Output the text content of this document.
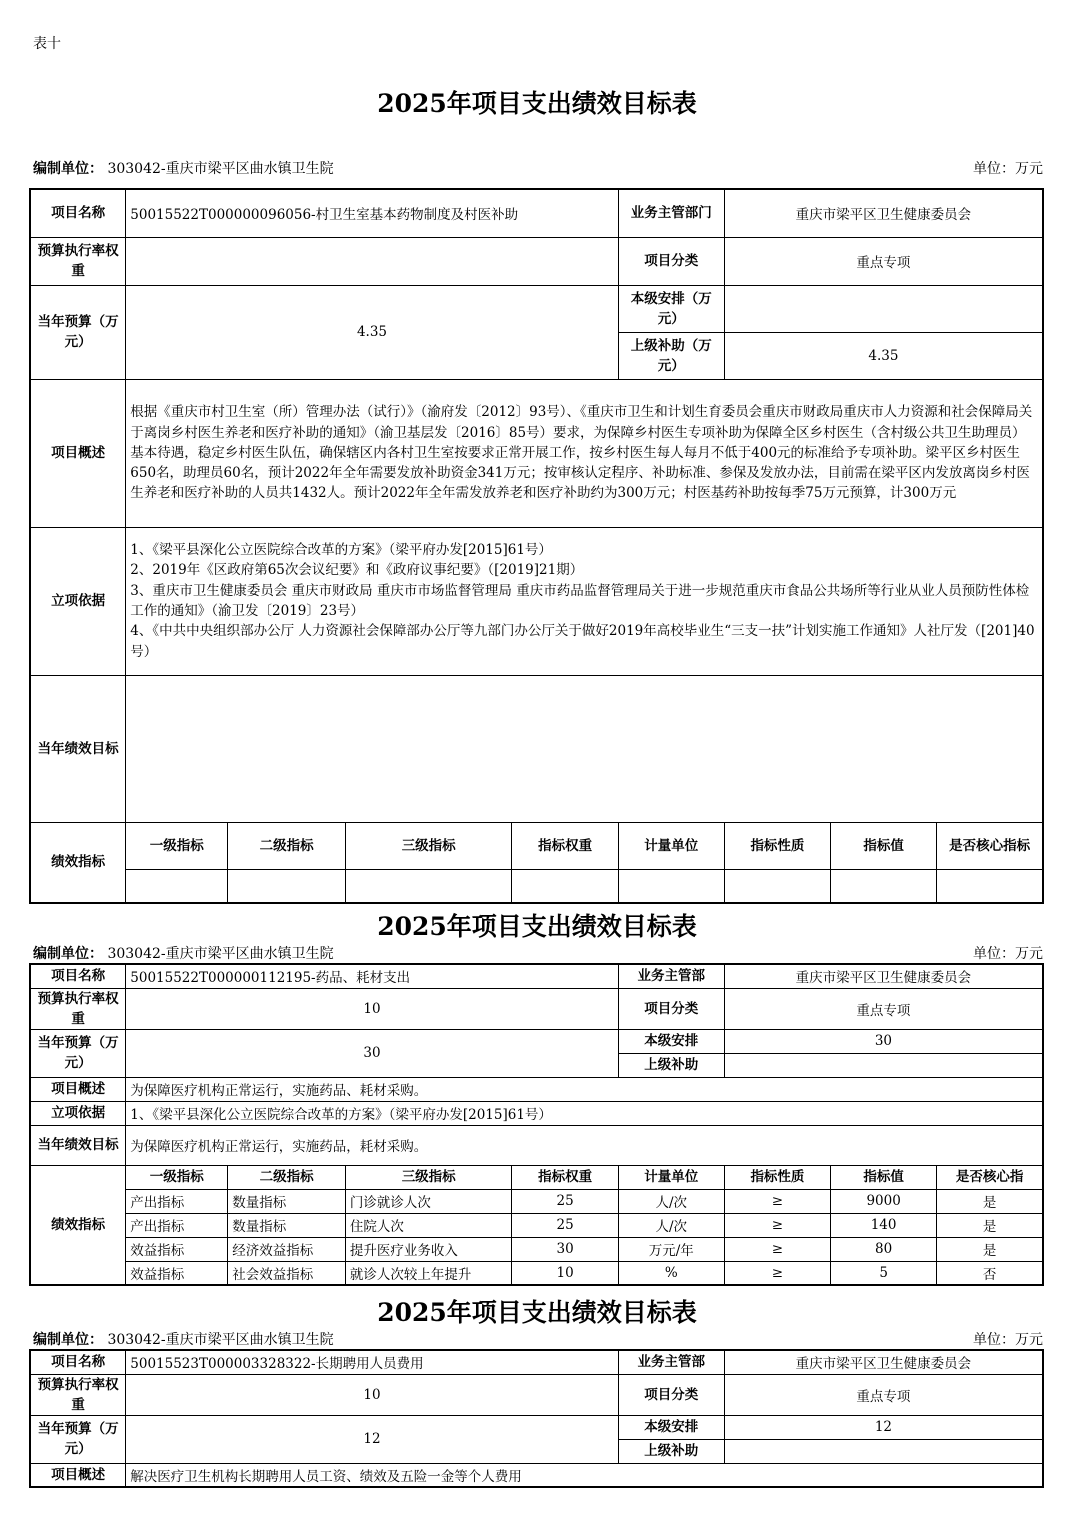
表十
2025年项目支出绩效目标表
编制单位： 303042-重庆市梁平区曲水镇卫生院	单位：万元
项目名称	50015522T000000096056-村卫生室基本药物制度及村医补助				业务主管部门	重庆市梁平区卫生健康委员会		
预算执行率权重					项目分类	重点专项		
当年预算（万元）	4.35				本级安排（万元）			
					上级补助（万元）	4.35		
项目概述	根据《重庆市村卫生室（所）管理办法（试行）》（渝府发〔2012〕93号）、《重庆市卫生和计划生育委员会重庆市财政局重庆市人力资源和社会保障局关于离岗乡村医生养老和医疗补助的通知》（渝卫基层发〔2016〕85号）要求，为保障乡村医生专项补助为保障全区乡村医生（含村级公共卫生助理员）基本待遇，稳定乡村医生队伍，确保辖区内各村卫生室按要求正常开展工作，按乡村医生每人每月不低于400元的标准给予专项补助。梁平区乡村医生650名，助理员60名，预计2022年全年需要发放补助资金341万元；按审核认定程序、补助标准、参保及发放办法，目前需在梁平区内发放离岗乡村医生养老和医疗补助的人员共1432人。预计2022年全年需发放养老和医疗补助约为300万元；村医基药补助按每季75万元预算，计300万元							
立项依据	1、《梁平县深化公立医院综合改革的方案》（梁平府办发[2015]61号）
2、2019年《区政府第65次会议纪要》和《政府议事纪要》（[2019]21期）
3、重庆市卫生健康委员会 重庆市财政局 重庆市市场监督管理局 重庆市药品监督管理局关于进一步规范重庆市食品公共场所等行业从业人员预防性体检工作的通知》（渝卫发〔2019〕23号）
4、《中共中央组织部办公厅 人力资源社会保障部办公厅等九部门办公厅关于做好2019年高校毕业生“三支一扶”计划实施工作通知》人社厅发（[201]40号）							

当年绩效目标								
绩效指标	一级指标	二级指标	三级指标	指标权重	计量单位	指标性质	指标值	是否核心指标

2025年项目支出绩效目标表
编制单位： 303042-重庆市梁平区曲水镇卫生院	单位：万元
项目名称	50015522T000000112195-药品、耗材支出				业务主管部	重庆市梁平区卫生健康委员会		
预算执行率权重	10				项目分类	重点专项		
当年预算（万元）	30				本级安排	30		
					上级补助			
项目概述	为保障医疗机构正常运行，实施药品、耗材采购。							
立项依据	1、《梁平县深化公立医院综合改革的方案》（梁平府办发[2015]61号）							
当年绩效目标	为保障医疗机构正常运行，实施药品，耗材采购。							
绩效指标	一级指标	二级指标	三级指标	指标权重	计量单位	指标性质	指标值	是否核心指
	产出指标	数量指标	门诊就诊人次	25	人/次	≥	9000	是
	产出指标	数量指标	住院人次	25	人/次	≥	140	是
	效益指标	经济效益指标	提升医疗业务收入	30	万元/年	≥	80	是
	效益指标	社会效益指标	就诊人次较上年提升	10	%	≥	5	否
2025年项目支出绩效目标表
编制单位： 303042-重庆市梁平区曲水镇卫生院	单位：万元
项目名称	50015523T000003328322-长期聘用人员费用	业务主管部	重庆市梁平区卫生健康委员会
预算执行率权重	10	项目分类	重点专项
当年预算（万元）	12	本级安排	12
		上级补助	
项目概述	解决医疗卫生机构长期聘用人员工资、绩效及五险一金等个人费用		
